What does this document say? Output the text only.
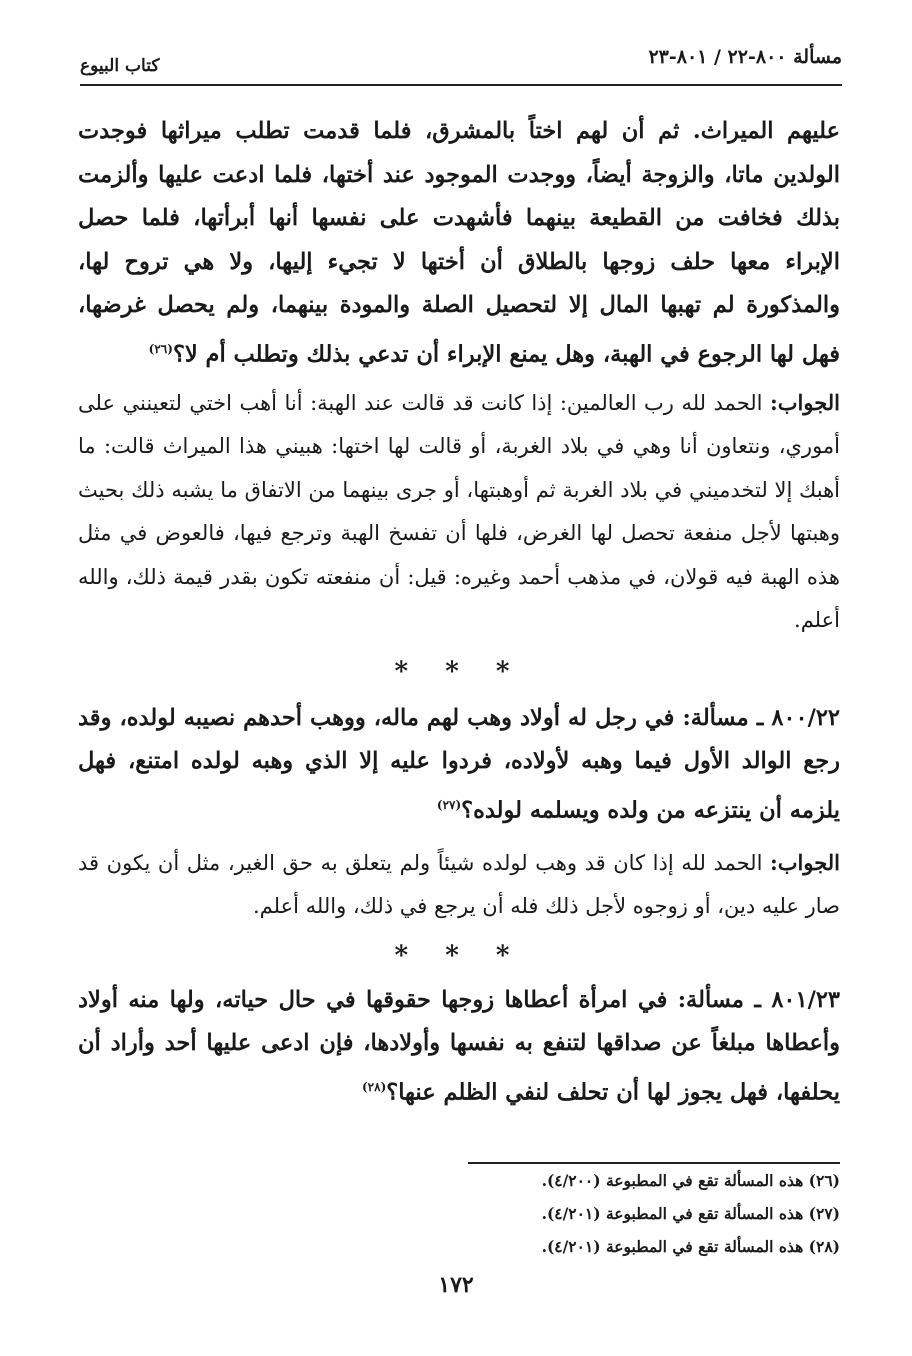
مسألة ٨٠٠-٢٢ / ٨٠١-٢٣
كتاب البيوع

عليهم الميراث. ثم أن لهم اختاً بالمشرق، فلما قدمت تطلب ميراثها فوجدت الولدين ماتا، والزوجة أيضاً، ووجدت الموجود عند أختها، فلما ادعت عليها وألزمت بذلك فخافت من القطيعة بينهما فأشهدت على نفسها أنها أبرأتها، فلما حصل الإبراء معها حلف زوجها بالطلاق أن أختها لا تجيء إليها، ولا هي تروح لها، والمذكورة لم تهبها المال إلا لتحصيل الصلة والمودة بينهما، ولم يحصل غرضها، فهل لها الرجوع في الهبة، وهل يمنع الإبراء أن تدعي بذلك وتطلب أم لا؟$^{(٢٦)}$

الجواب: الحمد لله رب العالمين: إذا كانت قد قالت عند الهبة: أنا أهب اختي لتعينني على أموري، ونتعاون أنا وهي في بلاد الغربة، أو قالت لها اختها: هبيني هذا الميراث قالت: ما أهبك إلا لتخدميني في بلاد الغربة ثم أوهبتها، أو جرى بينهما من الاتفاق ما يشبه ذلك بحيث وهبتها لأجل منفعة تحصل لها الغرض، فلها أن تفسخ الهبة وترجع فيها، فالعوض في مثل هذه الهبة فيه قولان، في مذهب أحمد وغيره: قيل: أن منفعته تكون بقدر قيمة ذلك، والله أعلم.

* * *

٨٠٠/٢٢ ـ مسألة: في رجل له أولاد وهب لهم ماله، ووهب أحدهم نصيبه لولده، وقد رجع الوالد الأول فيما وهبه لأولاده، فردوا عليه إلا الذي وهبه لولده امتنع، فهل يلزمه أن ينتزعه من ولده ويسلمه لولده؟$^{(٢٧)}$

الجواب: الحمد لله إذا كان قد وهب لولده شيئاً ولم يتعلق به حق الغير، مثل أن يكون قد صار عليه دين، أو زوجوه لأجل ذلك فله أن يرجع في ذلك، والله أعلم.

* * *

٨٠١/٢٣ ـ مسألة: في امرأة أعطاها زوجها حقوقها في حال حياته، ولها منه أولاد وأعطاها مبلغاً عن صداقها لتنفع به نفسها وأولادها، فإن ادعى عليها أحد وأراد أن يحلفها، فهل يجوز لها أن تحلف لنفي الظلم عنها؟$^{(٢٨)}$

(٢٦) هذه المسألة تقع في المطبوعة (٤/٢٠٠).
(٢٧) هذه المسألة تقع في المطبوعة (٤/٢٠١).
(٢٨) هذه المسألة تقع في المطبوعة (٤/٢٠١).
١٧٢
